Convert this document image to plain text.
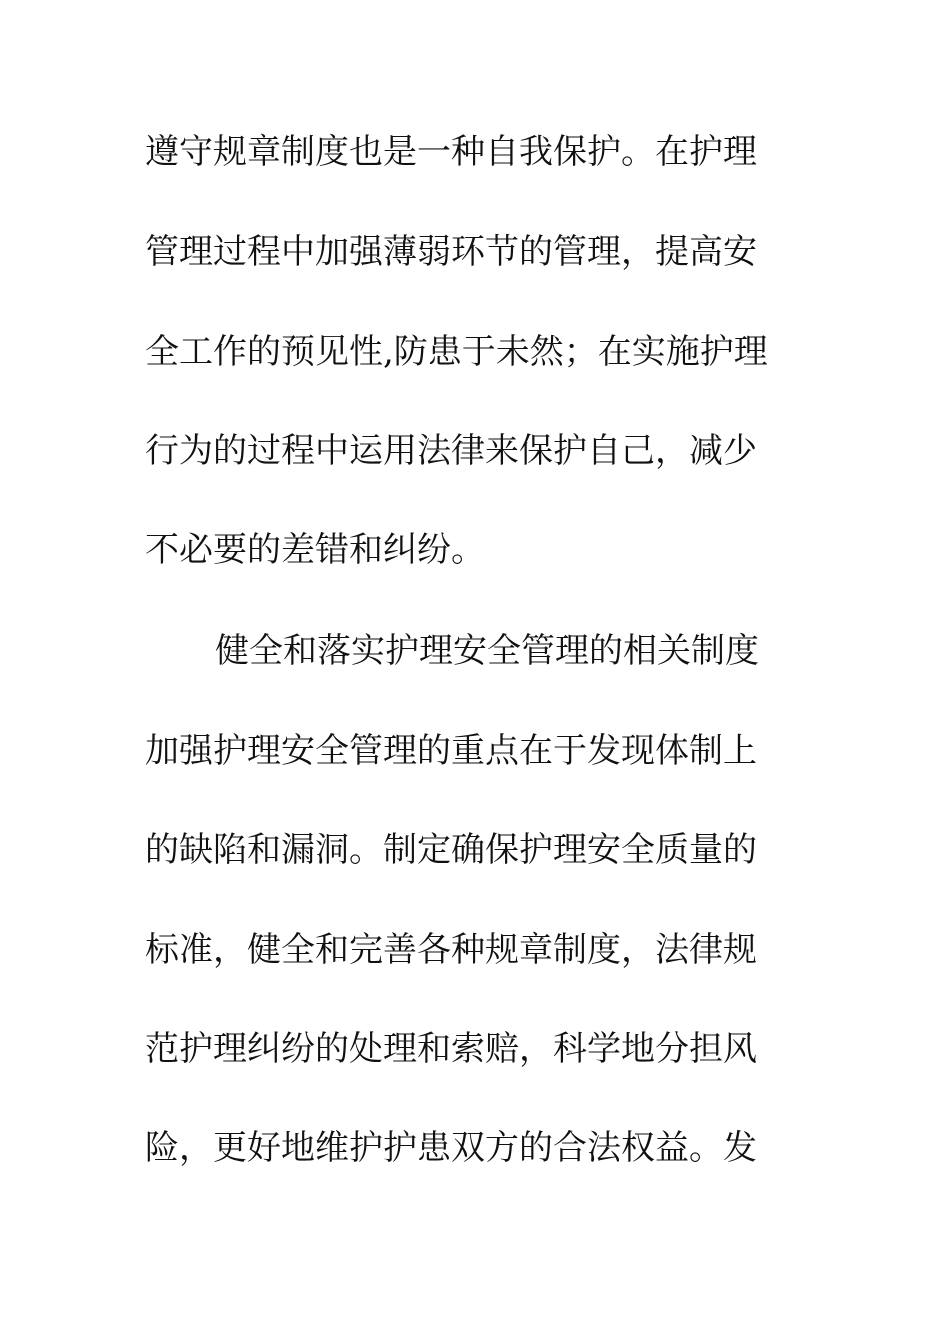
遵守规章制度也是一种自我保护。在护理
管理过程中加强薄弱环节的管理，提高安
全工作的预见性,防患于未然；在实施护理
行为的过程中运用法律来保护自己，减少
不必要的差错和纠纷。
健全和落实护理安全管理的相关制度
加强护理安全管理的重点在于发现体制上
的缺陷和漏洞。制定确保护理安全质量的
标准，健全和完善各种规章制度，法律规
范护理纠纷的处理和索赔，科学地分担风
险，更好地维护护患双方的合法权益。发
